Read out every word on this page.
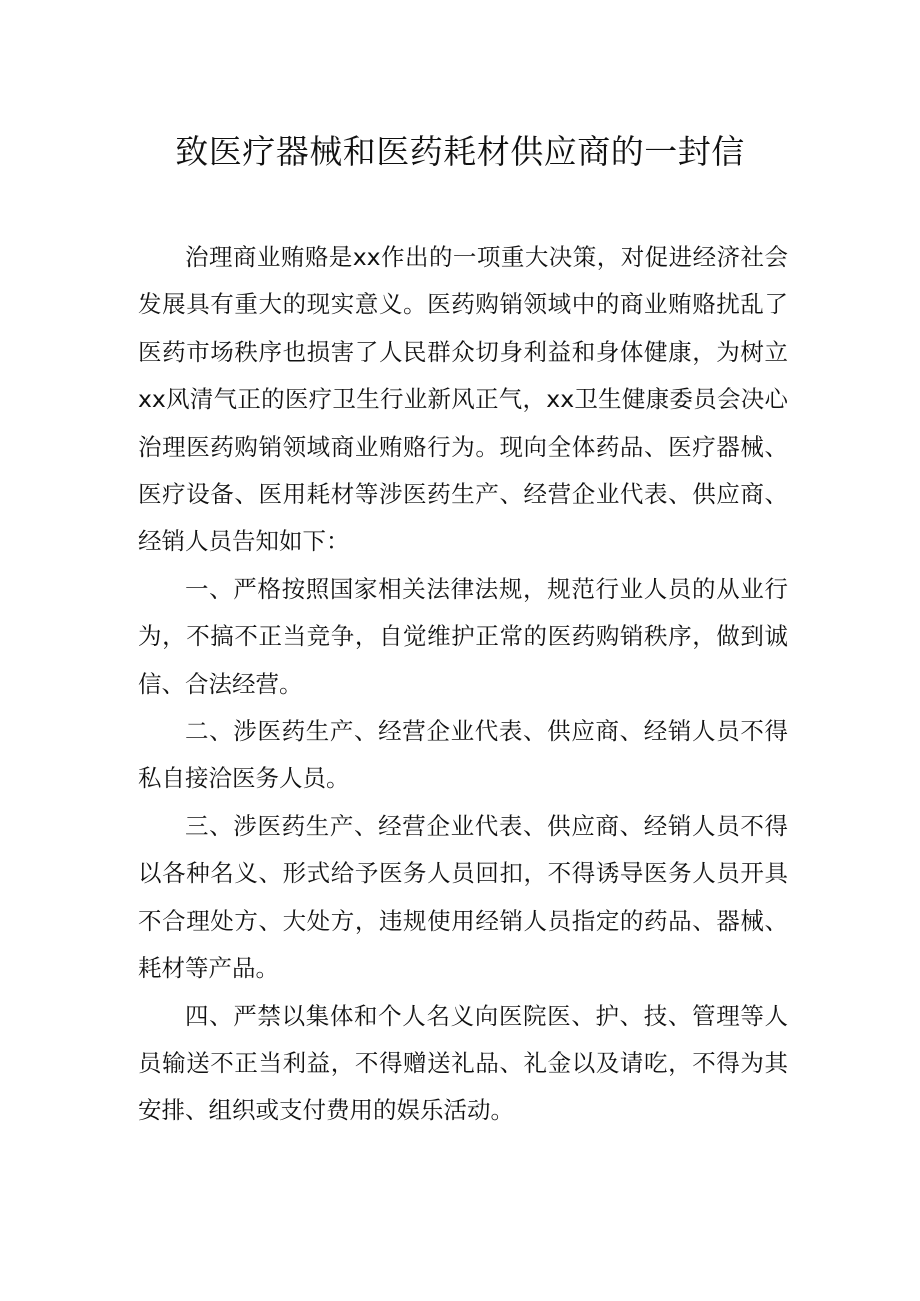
致医疗器械和医药耗材供应商的一封信

治理商业贿赂是xx作出的一项重大决策，对促进经济社会发展具有重大的现实意义。医药购销领域中的商业贿赂扰乱了医药市场秩序也损害了人民群众切身利益和身体健康，为树立xx风清气正的医疗卫生行业新风正气，xx卫生健康委员会决心治理医药购销领域商业贿赂行为。现向全体药品、医疗器械、医疗设备、医用耗材等涉医药生产、经营企业代表、供应商、经销人员告知如下：

一、严格按照国家相关法律法规，规范行业人员的从业行为，不搞不正当竞争，自觉维护正常的医药购销秩序，做到诚信、合法经营。

二、涉医药生产、经营企业代表、供应商、经销人员不得私自接洽医务人员。

三、涉医药生产、经营企业代表、供应商、经销人员不得以各种名义、形式给予医务人员回扣，不得诱导医务人员开具不合理处方、大处方，违规使用经销人员指定的药品、器械、耗材等产品。

四、严禁以集体和个人名义向医院医、护、技、管理等人员输送不正当利益，不得赠送礼品、礼金以及请吃，不得为其安排、组织或支付费用的娱乐活动。
